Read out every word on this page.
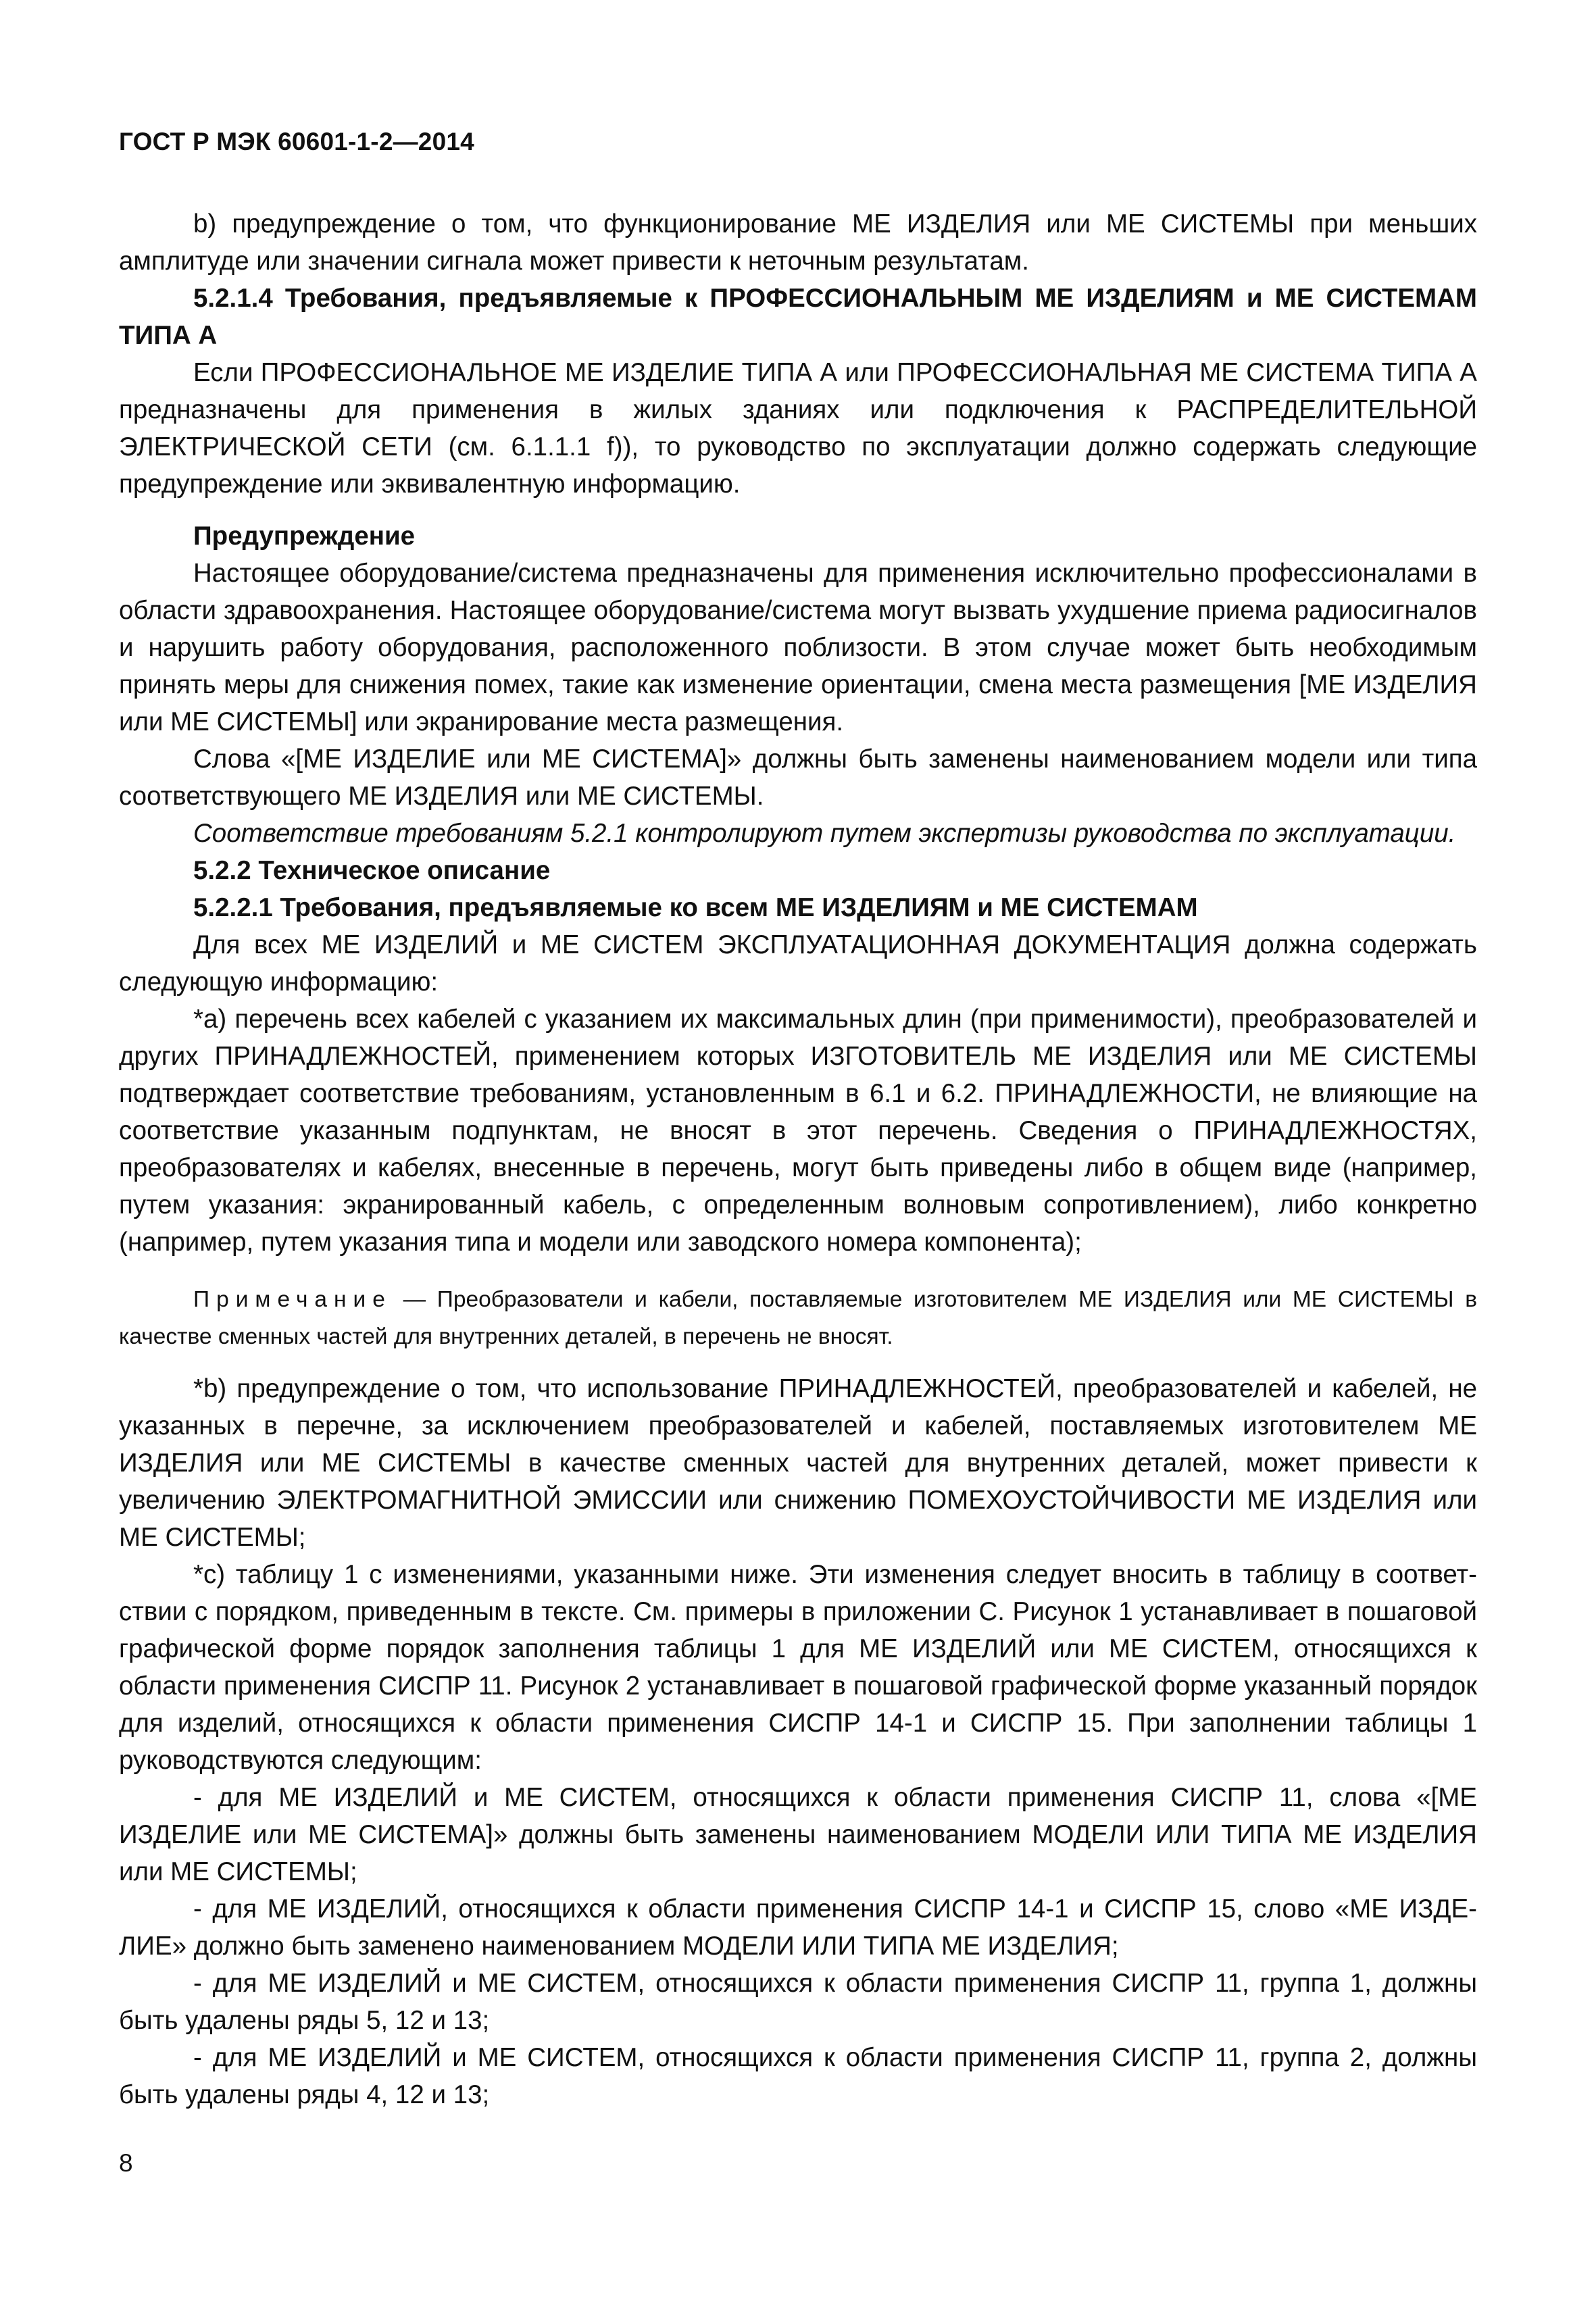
ГОСТ Р МЭК 60601-1-2—2014

b) предупреждение о том, что функционирование МЕ ИЗДЕЛИЯ или МЕ СИСТЕМЫ при меньших амплитуде или значении сигнала может привести к неточным результатам.

5.2.1.4 Требования, предъявляемые к ПРОФЕССИОНАЛЬНЫМ МЕ ИЗДЕЛИЯМ и МЕ СИСТЕМАМ ТИПА А

Если ПРОФЕССИОНАЛЬНОЕ МЕ ИЗДЕЛИЕ ТИПА А или ПРОФЕССИОНАЛЬНАЯ МЕ СИСТЕМА ТИПА А предназначены для применения в жилых зданиях или подключения к РАСПРЕДЕЛИТЕЛЬНОЙ ЭЛЕКТРИЧЕСКОЙ СЕТИ (см. 6.1.1.1 f)), то руководство по эксплуатации должно содержать следующие предупреждение или эквивалентную информацию.

Предупреждение

Настоящее оборудование/система предназначены для применения исключительно профессионалами в области здравоохранения. Настоящее оборудование/система могут вызвать ухудшение приема радиосигналов и нарушить работу оборудования, расположенного поблизости. В этом случае может быть необходимым принять меры для снижения помех, такие как изменение ориентации, смена места размещения [МЕ ИЗДЕЛИЯ или МЕ СИСТЕМЫ] или экранирование места размещения.

Слова «[МЕ ИЗДЕЛИЕ или МЕ СИСТЕМА]» должны быть заменены наименованием модели или типа соответствующего МЕ ИЗДЕЛИЯ или МЕ СИСТЕМЫ.

Соответствие требованиям 5.2.1 контролируют путем экспертизы руководства по эксплуатации.

5.2.2 Техническое описание

5.2.2.1 Требования, предъявляемые ко всем МЕ ИЗДЕЛИЯМ и МЕ СИСТЕМАМ

Для всех МЕ ИЗДЕЛИЙ и МЕ СИСТЕМ ЭКСПЛУАТАЦИОННАЯ ДОКУМЕНТАЦИЯ должна содержать следующую информацию:

*a) перечень всех кабелей с указанием их максимальных длин (при применимости), преобразователей и других ПРИНАДЛЕЖНОСТЕЙ, применением которых ИЗГОТОВИТЕЛЬ МЕ ИЗДЕЛИЯ или МЕ СИСТЕМЫ подтверждает соответствие требованиям, установленным в 6.1 и 6.2. ПРИНАДЛЕЖНОСТИ, не влияющие на соответствие указанным подпунктам, не вносят в этот перечень. Сведения о ПРИНАДЛЕЖНОСТЯХ, преобразователях и кабелях, внесенные в перечень, могут быть приведены либо в общем виде (например, путем указания: экранированный кабель, с определенным волновым сопротивлением), либо конкретно (например, путем указания типа и модели или заводского номера компонента);

Примечание — Преобразователи и кабели, поставляемые изготовителем МЕ ИЗДЕЛИЯ или МЕ СИСТЕМЫ в качестве сменных частей для внутренних деталей, в перечень не вносят.

*b) предупреждение о том, что использование ПРИНАДЛЕЖНОСТЕЙ, преобразователей и кабелей, не указанных в перечне, за исключением преобразователей и кабелей, поставляемых изготовителем МЕ ИЗДЕЛИЯ или МЕ СИСТЕМЫ в качестве сменных частей для внутренних деталей, может привести к увеличению ЭЛЕКТРОМАГНИТНОЙ ЭМИССИИ или снижению ПОМЕХОУСТОЙЧИВОСТИ МЕ ИЗДЕЛИЯ или МЕ СИСТЕМЫ;

*c) таблицу 1 с изменениями, указанными ниже. Эти изменения следует вносить в таблицу в соответствии с порядком, приведенным в тексте. См. примеры в приложении С. Рисунок 1 устанавливает в пошаговой графической форме порядок заполнения таблицы 1 для МЕ ИЗДЕЛИЙ или МЕ СИСТЕМ, относящихся к области применения СИСПР 11. Рисунок 2 устанавливает в пошаговой графической форме указанный порядок для изделий, относящихся к области применения СИСПР 14-1 и СИСПР 15. При заполнении таблицы 1 руководствуются следующим:

- для МЕ ИЗДЕЛИЙ и МЕ СИСТЕМ, относящихся к области применения СИСПР 11, слова «[МЕ ИЗДЕЛИЕ или МЕ СИСТЕМА]» должны быть заменены наименованием МОДЕЛИ ИЛИ ТИПА МЕ ИЗДЕЛИЯ или МЕ СИСТЕМЫ;

- для МЕ ИЗДЕЛИЙ, относящихся к области применения СИСПР 14-1 и СИСПР 15, слово «МЕ ИЗДЕЛИЕ» должно быть заменено наименованием МОДЕЛИ ИЛИ ТИПА МЕ ИЗДЕЛИЯ;

- для МЕ ИЗДЕЛИЙ и МЕ СИСТЕМ, относящихся к области применения СИСПР 11, группа 1, должны быть удалены ряды 5, 12 и 13;

- для МЕ ИЗДЕЛИЙ и МЕ СИСТЕМ, относящихся к области применения СИСПР 11, группа 2, должны быть удалены ряды 4, 12 и 13;

8
